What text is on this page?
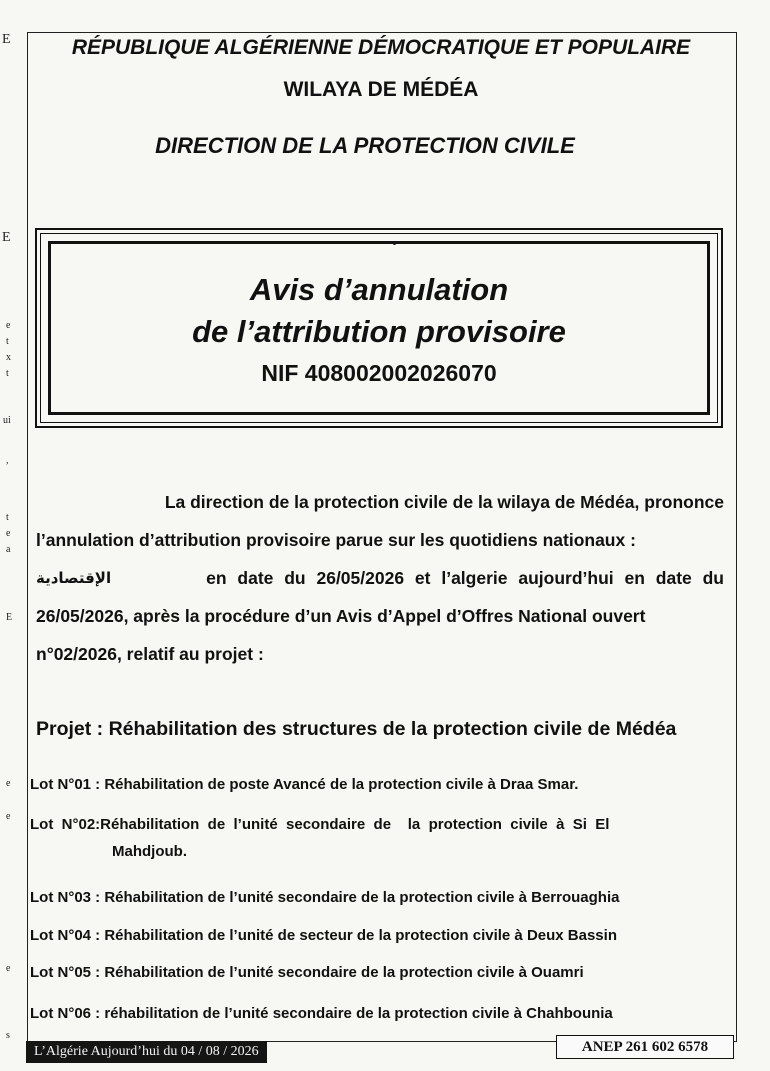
E
E
e
t
x
t
ui
,
t
e
a
E
e
e
e
s
RÉPUBLIQUE ALGÉRIENNE DÉMOCRATIQUE ET POPULAIRE
WILAYA DE MÉDÉA
DIRECTION DE LA PROTECTION CIVILE
Avis d’annulation
de l’attribution provisoire
NIF 408002002026070
La direction de la protection civile de la wilaya de Médéa, prononce
l’annulation d’attribution provisoire parue sur les quotidiens nationaux :
الإقتصادية	en date du 26/05/2026 et l’algerie aujourd’hui en date du
26/05/2026, après la procédure d’un Avis d’Appel d’Offres National ouvert
n°02/2026, relatif au projet :
Projet : Réhabilitation des structures de la protection civile de Médéa
Lot N°01 : Réhabilitation de poste Avancé de la protection civile à Draa Smar.
Lot  N°02:Réhabilitation  de  l’unité  secondaire  de    la  protection  civile  à  Si  El
Mahdjoub.
Lot N°03 : Réhabilitation de l’unité secondaire de la protection civile à Berrouaghia
Lot N°04 : Réhabilitation de l’unité de secteur de la protection civile à Deux Bassin
Lot N°05 : Réhabilitation de l’unité secondaire de la protection civile à Ouamri
Lot N°06 : réhabilitation de l’unité secondaire de la protection civile à Chahbounia
L’Algérie Aujourd’hui du 04 / 08 / 2026	ANEP 261 602 6578
